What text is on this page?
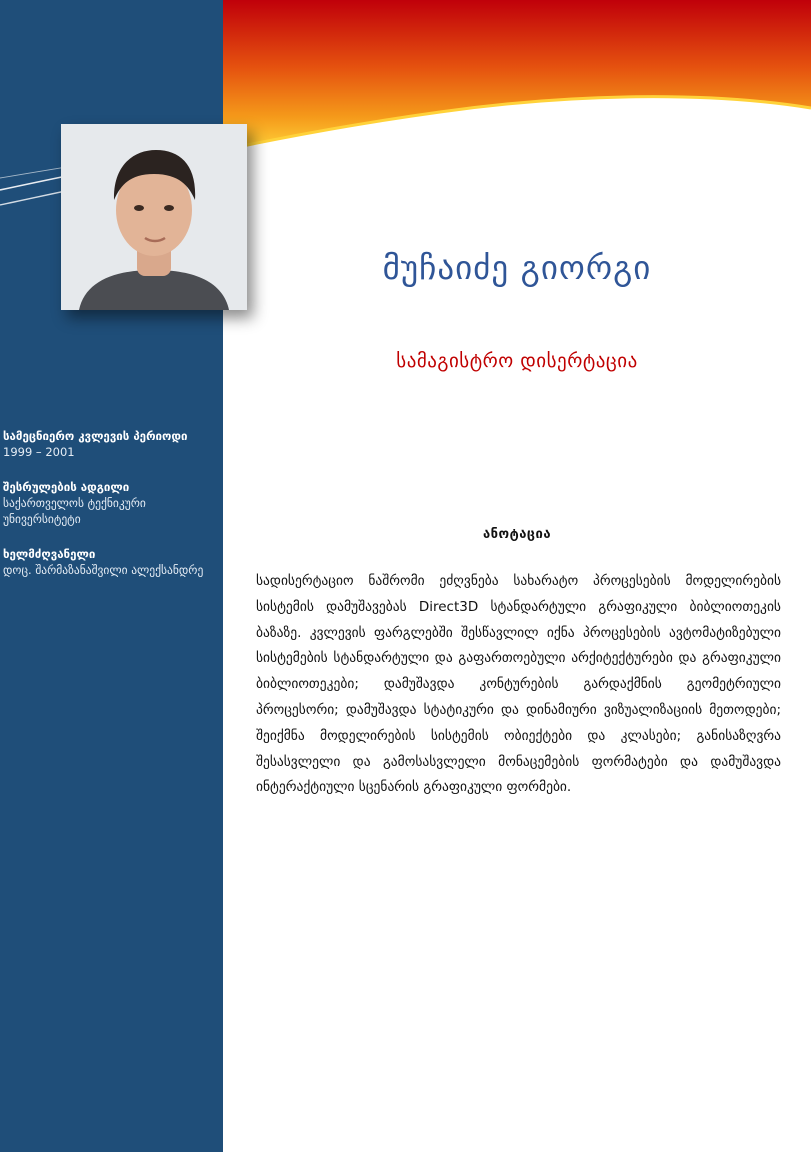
მუჩაიძე გიორგი
სამაგისტრო დისერტაცია
სამეცნიერო კვლევის პერიოდი
1999 – 2001
შესრულების ადგილი
საქართველოს ტექნიკური უნივერსიტეტი
ხელმძღვანელი
დოც. შარმაზანაშვილი ალექსანდრე
ანოტაცია
სადისერტაციო ნაშრომი ეძღვნება სახარატო პროცესების მოდელირების სისტემის დამუშავებას Direct3D სტანდარტული გრაფიკული ბიბლიოთეკის ბაზაზე. კვლევის ფარგლებში შესწავლილ იქნა პროცესების ავტომატიზებული სისტემების სტანდარტული და გაფართოებული არქიტექტურები და გრაფიკული ბიბლიოთეკები; დამუშავდა კონტურების გარდაქმნის გეომეტრიული პროცესორი; დამუშავდა სტატიკური და დინამიური ვიზუალიზაციის მეთოდები; შეიქმნა მოდელირების სისტემის ობიექტები და კლასები; განისაზღვრა შესასვლელი და გამოსასვლელი მონაცემების ფორმატები და დამუშავდა ინტერაქტიული სცენარის გრაფიკული ფორმები.
